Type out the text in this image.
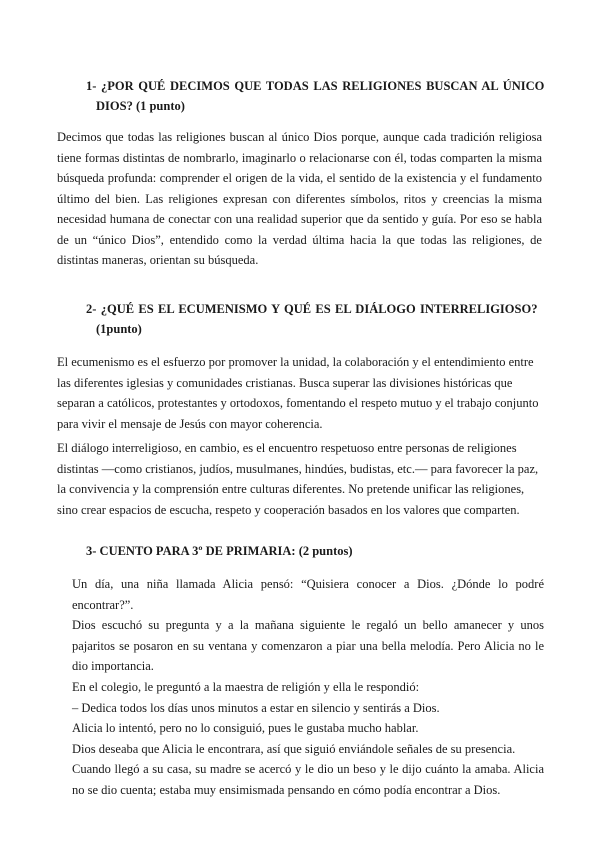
1- ¿POR QUÉ DECIMOS QUE TODAS LAS RELIGIONES BUSCAN AL ÚNICO
DIOS? (1 punto)

Decimos que todas las religiones buscan al único Dios porque, aunque cada tradición religiosa tiene formas distintas de nombrarlo, imaginarlo o relacionarse con él, todas comparten la misma búsqueda profunda: comprender el origen de la vida, el sentido de la existencia y el fundamento último del bien. Las religiones expresan con diferentes símbolos, ritos y creencias la misma necesidad humana de conectar con una realidad superior que da sentido y guía. Por eso se habla de un “único Dios”, entendido como la verdad última hacia la que todas las religiones, de distintas maneras, orientan su búsqueda.

2- ¿QUÉ ES EL ECUMENISMO Y QUÉ ES EL DIÁLOGO INTERRELIGIOSO?
(1punto)

El ecumenismo es el esfuerzo por promover la unidad, la colaboración y el entendimiento entre las diferentes iglesias y comunidades cristianas. Busca superar las divisiones históricas que separan a católicos, protestantes y ortodoxos, fomentando el respeto mutuo y el trabajo conjunto para vivir el mensaje de Jesús con mayor coherencia.

El diálogo interreligioso, en cambio, es el encuentro respetuoso entre personas de religiones distintas —como cristianos, judíos, musulmanes, hindúes, budistas, etc.— para favorecer la paz, la convivencia y la comprensión entre culturas diferentes. No pretende unificar las religiones, sino crear espacios de escucha, respeto y cooperación basados en los valores que comparten.

3- CUENTO PARA 3º DE PRIMARIA: (2 puntos)

Un día, una niña llamada Alicia pensó: “Quisiera conocer a Dios. ¿Dónde lo podré encontrar?”.

Dios escuchó su pregunta y a la mañana siguiente le regaló un bello amanecer y unos pajaritos se posaron en su ventana y comenzaron a piar una bella melodía. Pero Alicia no le dio importancia.

En el colegio, le preguntó a la maestra de religión y ella le respondió:

– Dedica todos los días unos minutos a estar en silencio y sentirás a Dios.

Alicia lo intentó, pero no lo consiguió, pues le gustaba mucho hablar.

Dios deseaba que Alicia le encontrara, así que siguió enviándole señales de su presencia.

Cuando llegó a su casa, su madre se acercó y le dio un beso y le dijo cuánto la amaba. Alicia no se dio cuenta; estaba muy ensimismada pensando en cómo podía encontrar a Dios.
